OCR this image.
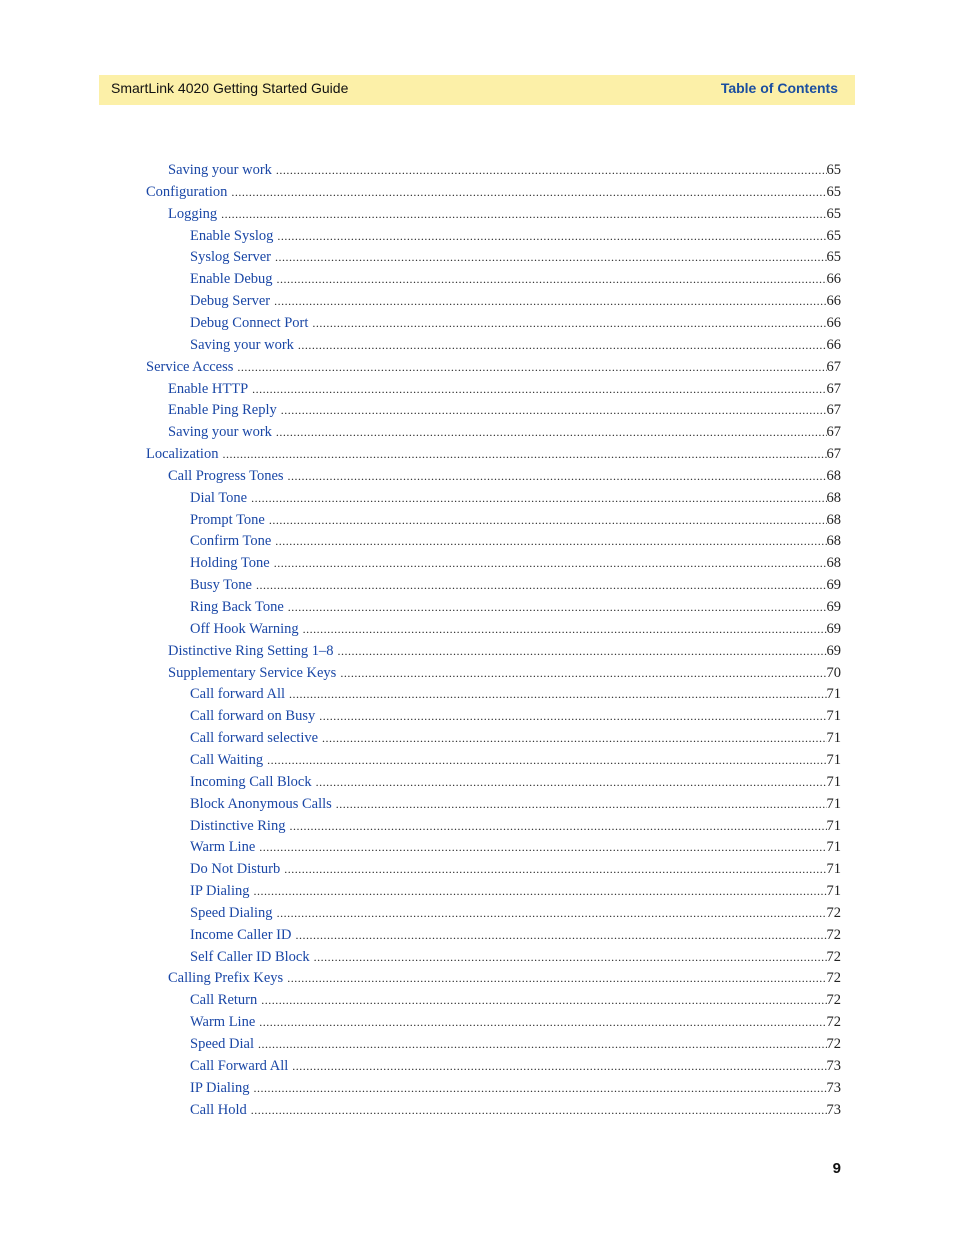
SmartLink 4020 Getting Started Guide	Table of Contents
Saving your work .....	65
Configuration .....	65
Logging .....	65
Enable Syslog .....	65
Syslog Server .....	65
Enable Debug .....	66
Debug Server .....	66
Debug Connect Port .....	66
Saving your work .....	66
Service Access .....	67
Enable HTTP .....	67
Enable Ping Reply .....	67
Saving your work .....	67
Localization .....	67
Call Progress Tones .....	68
Dial Tone .....	68
Prompt Tone .....	68
Confirm Tone .....	68
Holding Tone .....	68
Busy Tone .....	69
Ring Back Tone .....	69
Off Hook Warning .....	69
Distinctive Ring Setting 1–8 .....	69
Supplementary Service Keys .....	70
Call forward All .....	71
Call forward on Busy .....	71
Call forward selective .....	71
Call Waiting .....	71
Incoming Call Block .....	71
Block Anonymous Calls .....	71
Distinctive Ring .....	71
Warm Line .....	71
Do Not Disturb .....	71
IP Dialing .....	71
Speed Dialing .....	72
Income Caller ID .....	72
Self Caller ID Block .....	72
Calling Prefix Keys .....	72
Call Return .....	72
Warm Line .....	72
Speed Dial .....	72
Call Forward All .....	73
IP Dialing .....	73
Call Hold .....	73
9
